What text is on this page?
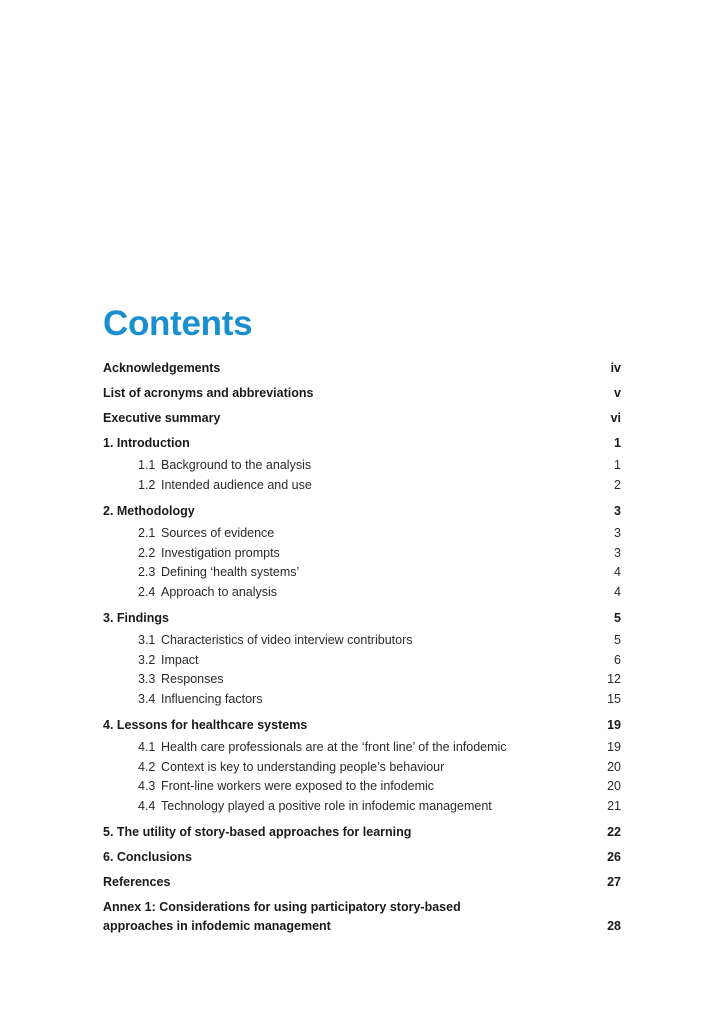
Contents
Acknowledgements	iv
List of acronyms and abbreviations	v
Executive summary	vi
1. Introduction	1
1.1 Background to the analysis	1
1.2 Intended audience and use	2
2. Methodology	3
2.1 Sources of evidence	3
2.2 Investigation prompts	3
2.3 Defining ‘health systems’	4
2.4 Approach to analysis	4
3. Findings	5
3.1 Characteristics of video interview contributors	5
3.2 Impact	6
3.3 Responses	12
3.4 Influencing factors	15
4. Lessons for healthcare systems	19
4.1 Health care professionals are at the ‘front line’ of the infodemic	19
4.2 Context is key to understanding people’s behaviour	20
4.3 Front-line workers were exposed to the infodemic	20
4.4 Technology played a positive role in infodemic management	21
5. The utility of story-based approaches for learning	22
6. Conclusions	26
References	27
Annex 1: Considerations for using participatory story-based approaches in infodemic management	28
